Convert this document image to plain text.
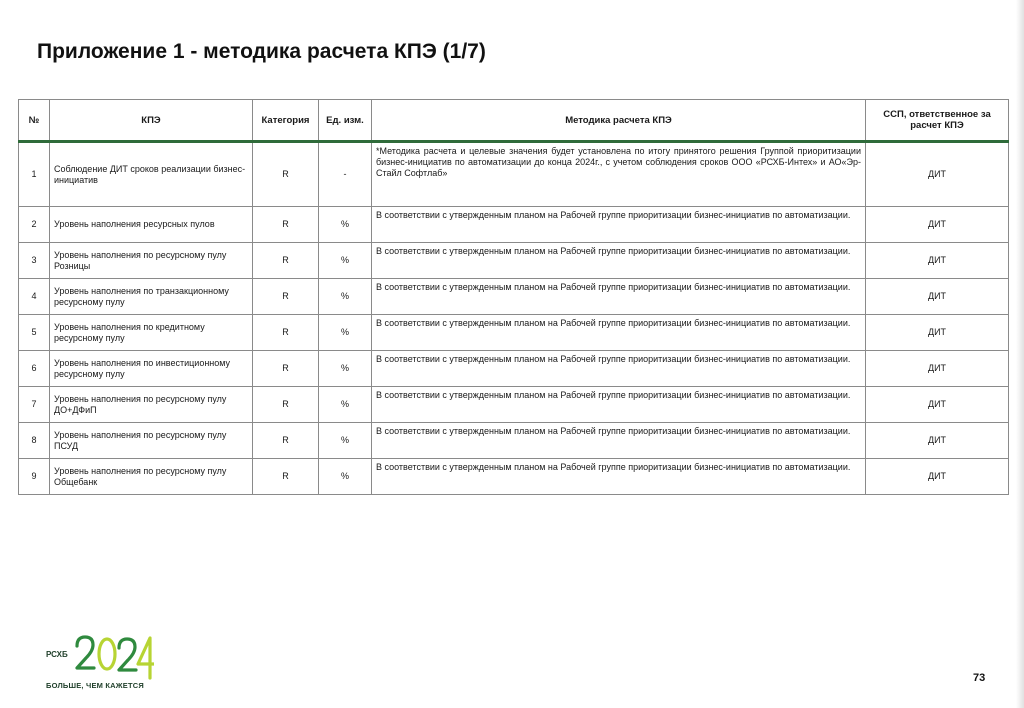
Приложение 1 - методика расчета КПЭ (1/7)
№	КПЭ	Категория	Ед. изм.	Методика расчета КПЭ	ССП, ответственное за расчет КПЭ
1	Соблюдение ДИТ сроков реализации бизнес-инициатив	R	-	*Методика расчета и целевые значения будет установлена по итогу принятого решения Группой приоритизации бизнес-инициатив по автоматизации до конца 2024г., с учетом соблюдения сроков ООО «РСХБ-Интех» и АО«Эр-Стайл Софтлаб»	ДИТ
2	Уровень наполнения ресурсных пулов	R	%	В соответствии с утвержденным планом на Рабочей группе приоритизации бизнес-инициатив по автоматизации.	ДИТ
3	Уровень наполнения по ресурсному пулу Розницы	R	%	В соответствии с утвержденным планом на Рабочей группе приоритизации бизнес-инициатив по автоматизации.	ДИТ
4	Уровень наполнения по транзакционному ресурсному пулу	R	%	В соответствии с утвержденным планом на Рабочей группе приоритизации бизнес-инициатив по автоматизации.	ДИТ
5	Уровень наполнения по кредитному ресурсному пулу	R	%	В соответствии с утвержденным планом на Рабочей группе приоритизации бизнес-инициатив по автоматизации.	ДИТ
6	Уровень наполнения по инвестиционному ресурсному пулу	R	%	В соответствии с утвержденным планом на Рабочей группе приоритизации бизнес-инициатив по автоматизации.	ДИТ
7	Уровень наполнения по ресурсному пулу ДО+ДФиП	R	%	В соответствии с утвержденным планом на Рабочей группе приоритизации бизнес-инициатив по автоматизации.	ДИТ
8	Уровень наполнения по ресурсному пулу ПСУД	R	%	В соответствии с утвержденным планом на Рабочей группе приоритизации бизнес-инициатив по автоматизации.	ДИТ
9	Уровень наполнения по ресурсному пулу Общебанк	R	%	В соответствии с утвержденным планом на Рабочей группе приоритизации бизнес-инициатив по автоматизации.	ДИТ
РСХБ
БОЛЬШЕ, ЧЕМ КАЖЕТСЯ
73
